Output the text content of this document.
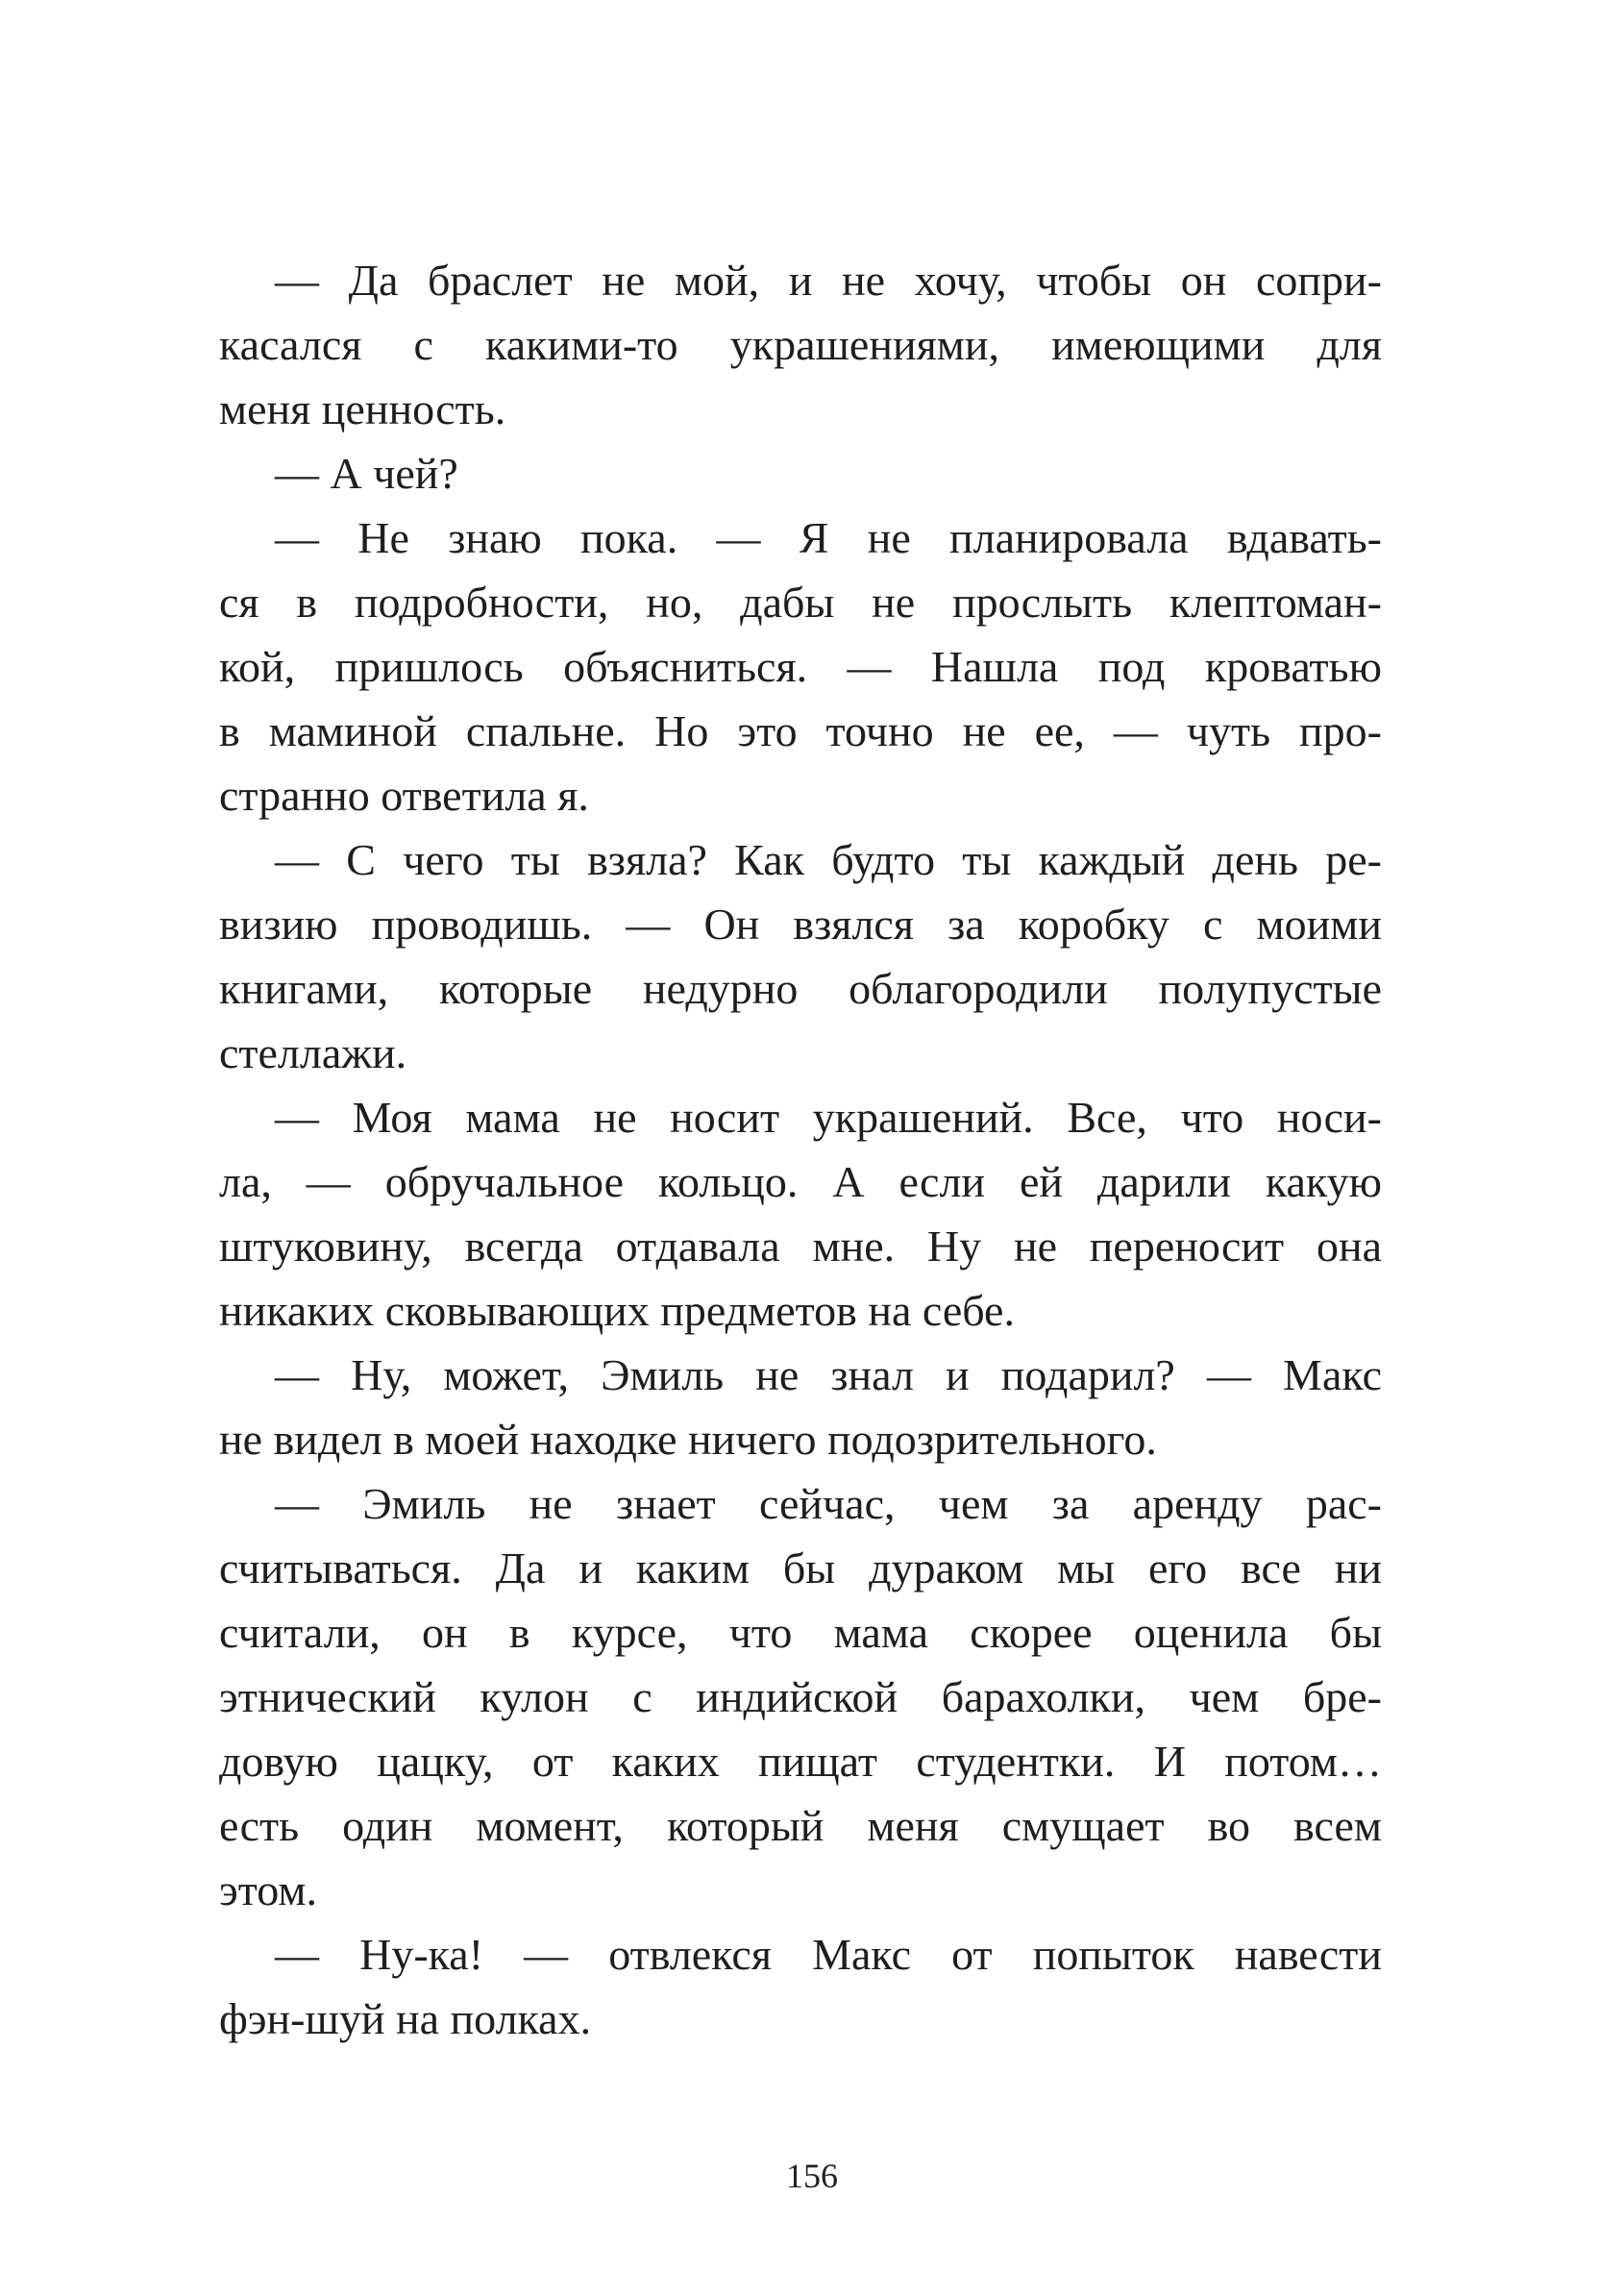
— Да браслет не мой, и не хочу, чтобы он сопри-
касался с какими-то украшениями, имеющими для
меня ценность.
— А чей?
— Не знаю пока. — Я не планировала вдавать-
ся в подробности, но, дабы не прослыть клептоман-
кой, пришлось объясниться. — Нашла под кроватью
в маминой спальне. Но это точно не ее, — чуть про-
странно ответила я.
— С чего ты взяла? Как будто ты каждый день ре-
визию проводишь. — Он взялся за коробку с моими
книгами, которые недурно облагородили полупустые
стеллажи.
— Моя мама не носит украшений. Все, что носи-
ла, — обручальное кольцо. А если ей дарили какую
штуковину, всегда отдавала мне. Ну не переносит она
никаких сковывающих предметов на себе.
— Ну, может, Эмиль не знал и подарил? — Макс
не видел в моей находке ничего подозрительного.
— Эмиль не знает сейчас, чем за аренду рас-
считываться. Да и каким бы дураком мы его все ни
считали, он в курсе, что мама скорее оценила бы
этнический кулон с индийской барахолки, чем бре-
довую цацку, от каких пищат студентки. И потом…
есть один момент, который меня смущает во всем
этом.
— Ну-ка! — отвлекся Макс от попыток навести
фэн-шуй на полках.
156
